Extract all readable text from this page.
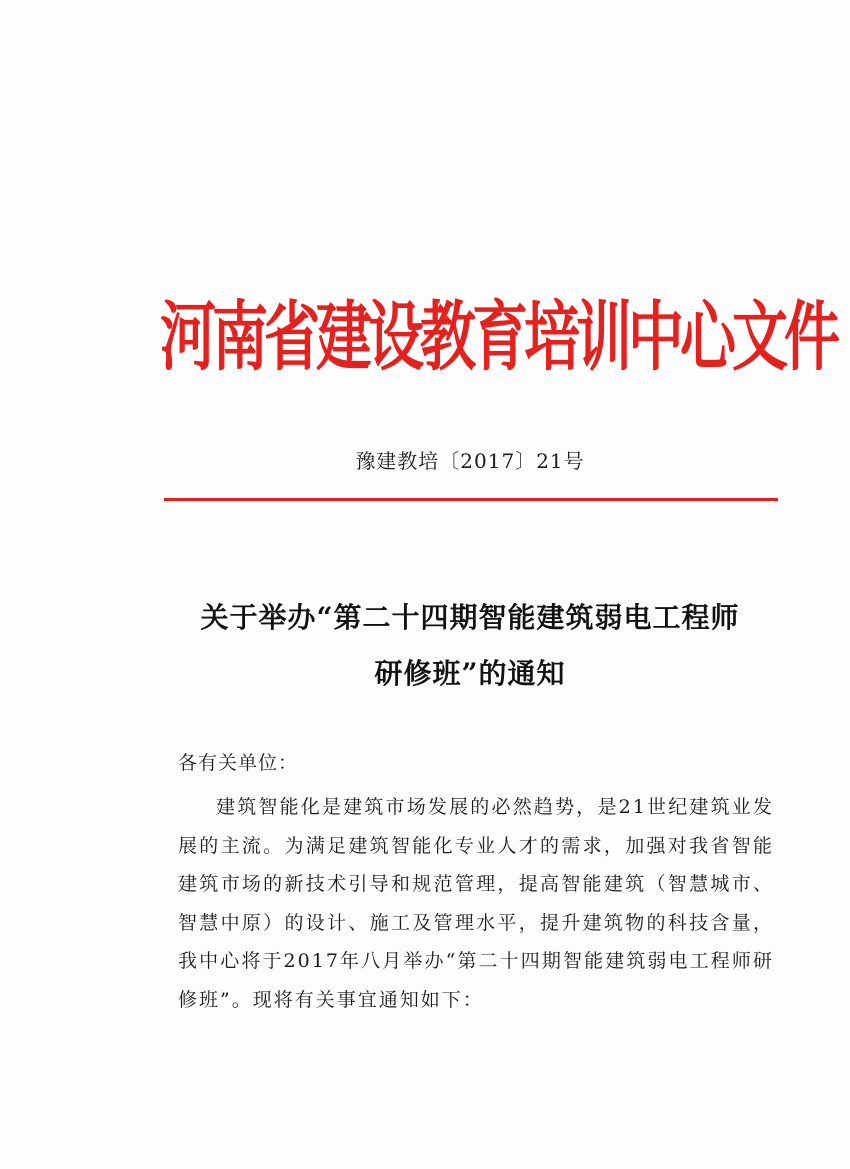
河南省建设教育培训中心文件
豫建教培〔2017〕21号
关于举办“第二十四期智能建筑弱电工程师
研修班”的通知
各有关单位：
建筑智能化是建筑市场发展的必然趋势，是21世纪建筑业发展的主流。为满足建筑智能化专业人才的需求，加强对我省智能建筑市场的新技术引导和规范管理，提高智能建筑（智慧城市、智慧中原）的设计、施工及管理水平，提升建筑物的科技含量，我中心将于2017年八月举办“第二十四期智能建筑弱电工程师研修班”。现将有关事宜通知如下：
